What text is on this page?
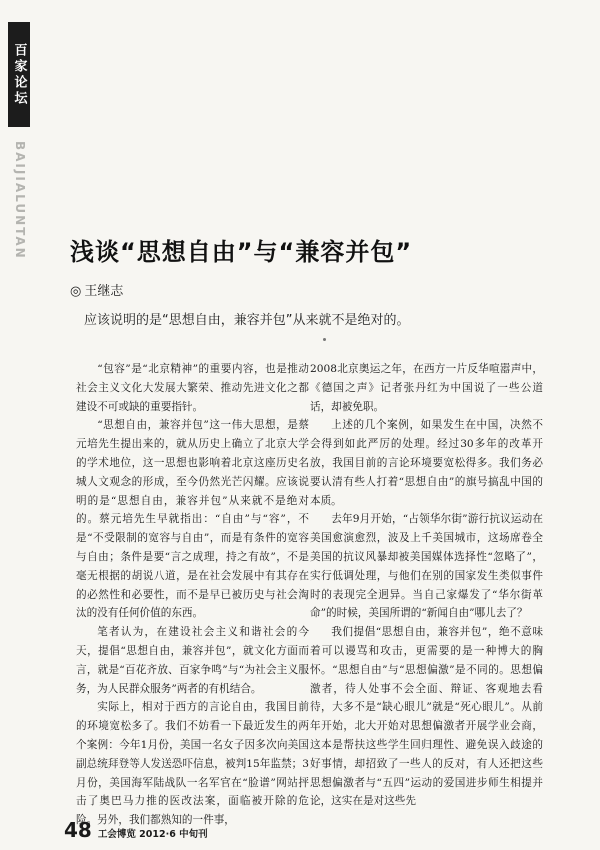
百家论坛
BAIJIALUNTAN 浅谈“思想自由”与“兼容并包”

◎ 王继志

应该说明的是“思想自由，兼容并包”从来就不是绝对的。

“包容”是“北京精神”的重要内容，也是推动社会主义文化大发展大繁荣、推动先进文化之都建设不可或缺的重要指针。

“思想自由，兼容并包”这一伟大思想，是蔡元培先生提出来的，就从历史上确立了北京大学的学术地位，这一思想也影响着北京这座历史名城人文观念的形成，至今仍然光芒闪耀。应该说明的是“思想自由，兼容并包”从来就不是绝对的。蔡元培先生早就指出：“自由”与“容”，不是“不受限制的宽容与自由”，而是有条件的宽容与自由；条件是要“言之成理，持之有故”，不是毫无根据的胡说八道，是在社会发展中有其存在的必然性和必要性，而不是早已被历史与社会淘汰的没有任何价值的东西。

笔者认为，在建设社会主义和谐社会的今天，提倡“思想自由，兼容并包”，就文化方面而言，就是“百花齐放、百家争鸣”与“为社会主义服务，为人民群众服务”两者的有机结合。

实际上，相对于西方的言论自由，我国目前的环境宽松多了。我们不妨看一下最近发生的两个案例：今年1月份，美国一名女子因多次向美国副总统拜登等人发送恐吓信息，被判15年监禁；3月份，美国海军陆战队一名军官在“脸谱”网站抨击了奥巴马力推的医改法案，面临被开除的危险。另外，我们都熟知的一件事，

2008北京奥运之年，在西方一片反华喧嚣声中，《德国之声》记者张丹红为中国说了一些公道话，却被免职。

上述的几个案例，如果发生在中国，决然不会得到如此严厉的处理。经过30多年的改革开放，我国目前的言论环境要宽松得多。我们务必要认清有些人打着“思想自由”的旗号搞乱中国的本质。

去年9月开始，“占领华尔街”游行抗议运动在美国愈演愈烈，波及上千美国城市，这场席卷全美国的抗议风暴却被美国媒体选择性“忽略了”，实行低调处理，与他们在别的国家发生类似事件时的表现完全迥异。当自己家爆发了“华尔街革命”的时候，美国所谓的“新闻自由”哪儿去了？

我们提倡“思想自由，兼容并包”，绝不意味着可以谩骂和攻击，更需要的是一种博大的胸怀。“思想自由”与“思想偏激”是不同的。思想偏激者，待人处事不会全面、辩证、客观地去看待，大多不是“缺心眼儿”就是“死心眼儿”。从前年开始，北大开始对思想偏激者开展学业会商，这本是帮扶这些学生回归理性、避免误入歧途的好事情，却招致了一些人的反对，有人还把这些思想偏激者与“五四”运动的爱国进步师生相提并论，这实在是对这些先

48 工会博览 2012·6 中旬刊
